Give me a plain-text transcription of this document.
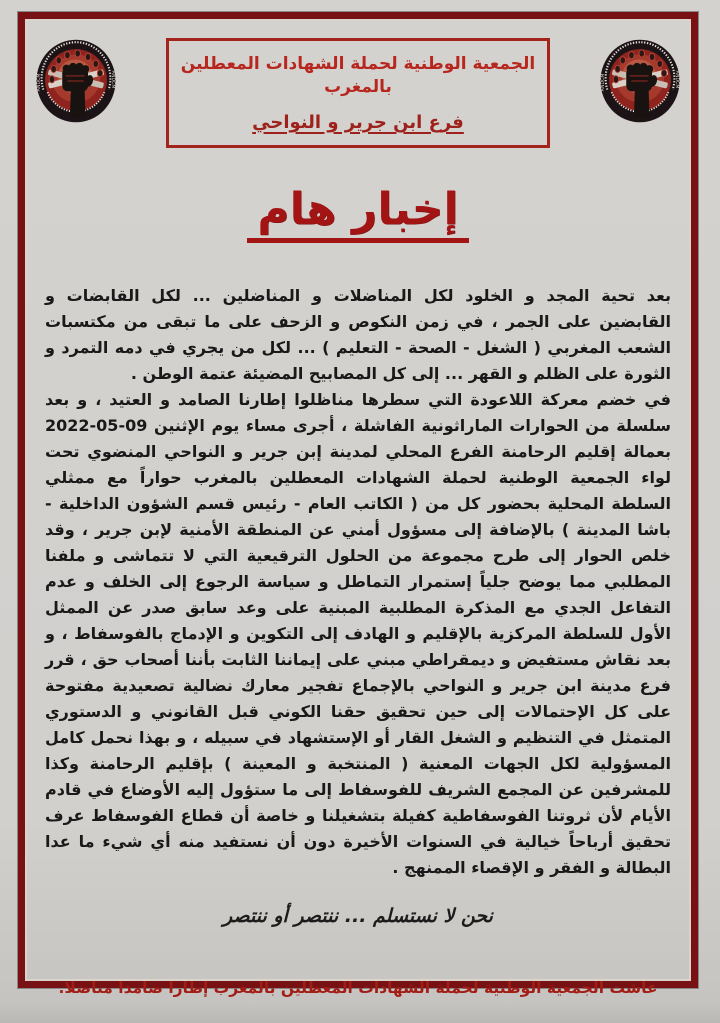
الجمعية الوطنية لحملة الشهادات المعطلين بالمغرب
فرع ابن جرير و النواحي
إخبار هام

بعد تحية المجد و الخلود لكل المناضلات و المناضلين ... لكل القابضات و القابضين على الجمر ، في زمن النكوص و الزحف على ما تبقى من مكتسبات الشعب المغربي ( الشغل - الصحة - التعليم ) ... لكل من يجري في دمه التمرد و الثورة على الظلم و القهر ... إلى كل المصابيح المضيئة عتمة الوطن .

في خضم معركة اللاعودة التي سطرها مناظلوا إطارنا الصامد و العتيد ، و بعد سلسلة من الحوارات الماراثونية الفاشلة ، أجرى مساء يوم الإثنين 09-05-2022 بعمالة إقليم الرحامنة الفرع المحلي لمدينة إبن جرير و النواحي المنضوي تحت لواء الجمعية الوطنية لحملة الشهادات المعطلين بالمغرب حواراً مع ممثلي السلطة المحلية بحضور كل من ( الكاتب العام - رئيس قسم الشؤون الداخلية - باشا المدينة ) بالإضافة إلى مسؤول أمني عن المنطقة الأمنية لإبن جرير ، وقد خلص الحوار إلى طرح مجموعة من الحلول الترقيعية التي لا تتماشى و ملفنا المطلبي مما يوضح جلياً إستمرار التماطل و سياسة الرجوع إلى الخلف و عدم التفاعل الجدي مع المذكرة المطلبية المبنية على وعد سابق صدر عن الممثل الأول للسلطة المركزية بالإقليم و الهادف إلى التكوين و الإدماج بالفوسفاط ، و بعد نقاش مستفيض و ديمقراطي مبني على إيماننا الثابت بأننا أصحاب حق ، قرر فرع مدينة ابن جرير و النواحي بالإجماع تفجير معارك نضالية تصعيدية مفتوحة على كل الإحتمالات إلى حين تحقيق حقنا الكوني قبل القانوني و الدستوري المتمثل في التنظيم و الشغل القار أو الإستشهاد في سبيله ، و بهذا نحمل كامل المسؤولية لكل الجهات المعنية ( المنتخبة و المعينة ) بإقليم الرحامنة وكذا للمشرفين عن المجمع الشريف للفوسفاط إلى ما ستؤول إليه الأوضاع في قادم الأيام لأن ثروتنا الفوسفاطية كفيلة بتشغيلنا و خاصة أن قطاع الفوسفاط عرف تحقيق أرباحاً خيالية في السنوات الأخيرة دون أن نستفيد منه أي شيء ما عدا البطالة و الفقر و الإقصاء الممنهج .

نحن لا نستسلم ... ننتصر أو ننتصر
عاشت الجمعية الوطنية لحملة الشهادات المعطلين بالمغرب إطارا صامدا مناضلا.
